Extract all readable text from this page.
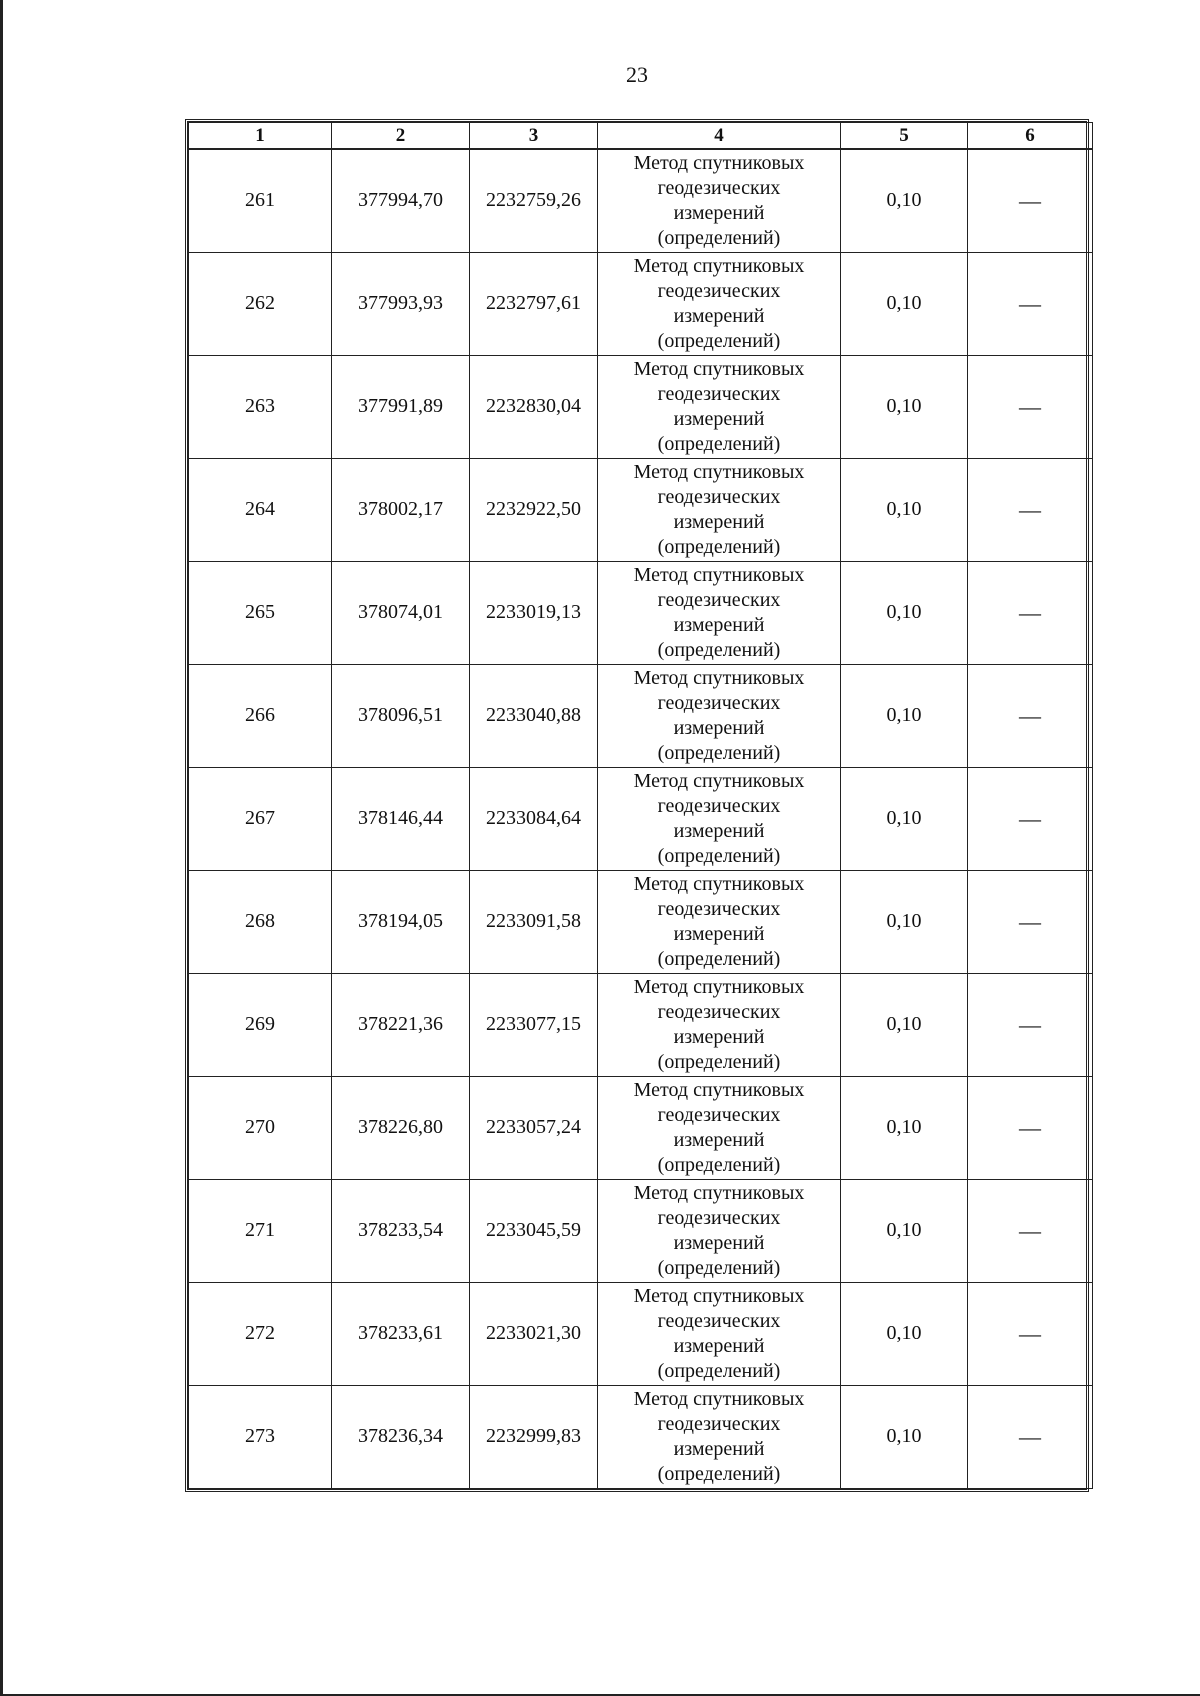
23
1	2	3	4	5	6
261	377994,70	2232759,26	Метод спутниковых
геодезических
измерений
(определений)	0,10	—
262	377993,93	2232797,61	Метод спутниковых
геодезических
измерений
(определений)	0,10	—
263	377991,89	2232830,04	Метод спутниковых
геодезических
измерений
(определений)	0,10	—
264	378002,17	2232922,50	Метод спутниковых
геодезических
измерений
(определений)	0,10	—
265	378074,01	2233019,13	Метод спутниковых
геодезических
измерений
(определений)	0,10	—
266	378096,51	2233040,88	Метод спутниковых
геодезических
измерений
(определений)	0,10	—
267	378146,44	2233084,64	Метод спутниковых
геодезических
измерений
(определений)	0,10	—
268	378194,05	2233091,58	Метод спутниковых
геодезических
измерений
(определений)	0,10	—
269	378221,36	2233077,15	Метод спутниковых
геодезических
измерений
(определений)	0,10	—
270	378226,80	2233057,24	Метод спутниковых
геодезических
измерений
(определений)	0,10	—
271	378233,54	2233045,59	Метод спутниковых
геодезических
измерений
(определений)	0,10	—
272	378233,61	2233021,30	Метод спутниковых
геодезических
измерений
(определений)	0,10	—
273	378236,34	2232999,83	Метод спутниковых
геодезических
измерений
(определений)	0,10	—
